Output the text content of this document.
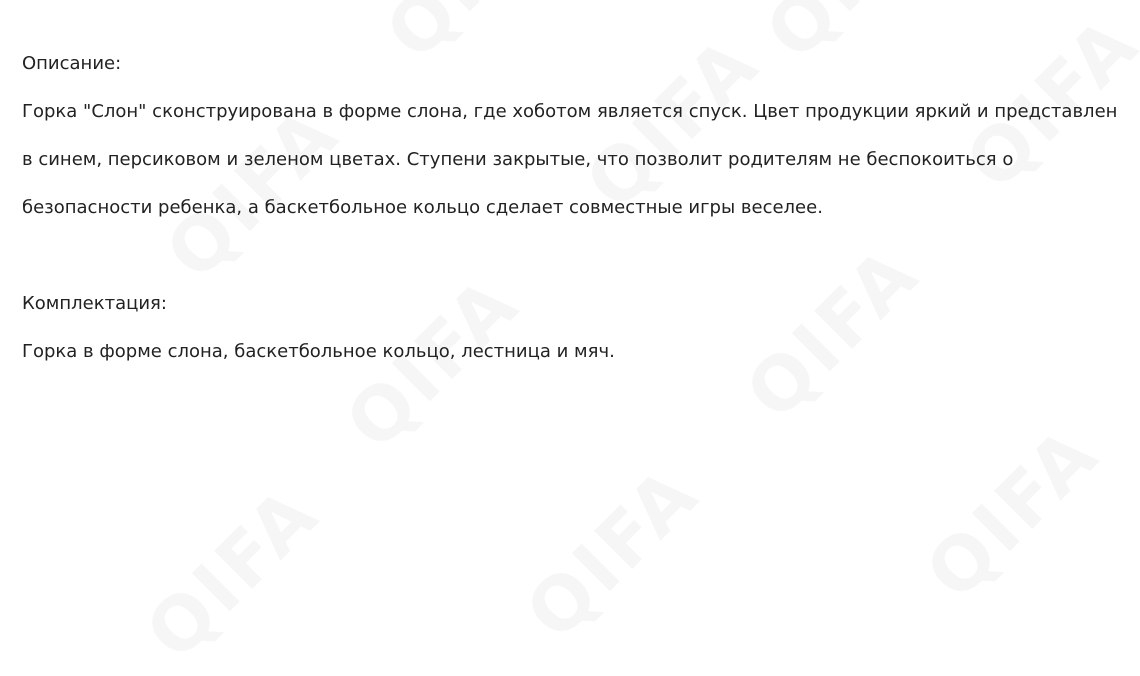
Описание:

Горка "Слон" сконструирована в форме слона, где хоботом является спуск. Цвет продукции яркий и представлен в синем, персиковом и зеленом цветах. Ступени закрытые, что позволит родителям не беспокоиться о безопасности ребенка, а баскетбольное кольцо сделает совместные игры веселее.

Комплектация:

Горка в форме слона, баскетбольное кольцо, лестница и мяч.
